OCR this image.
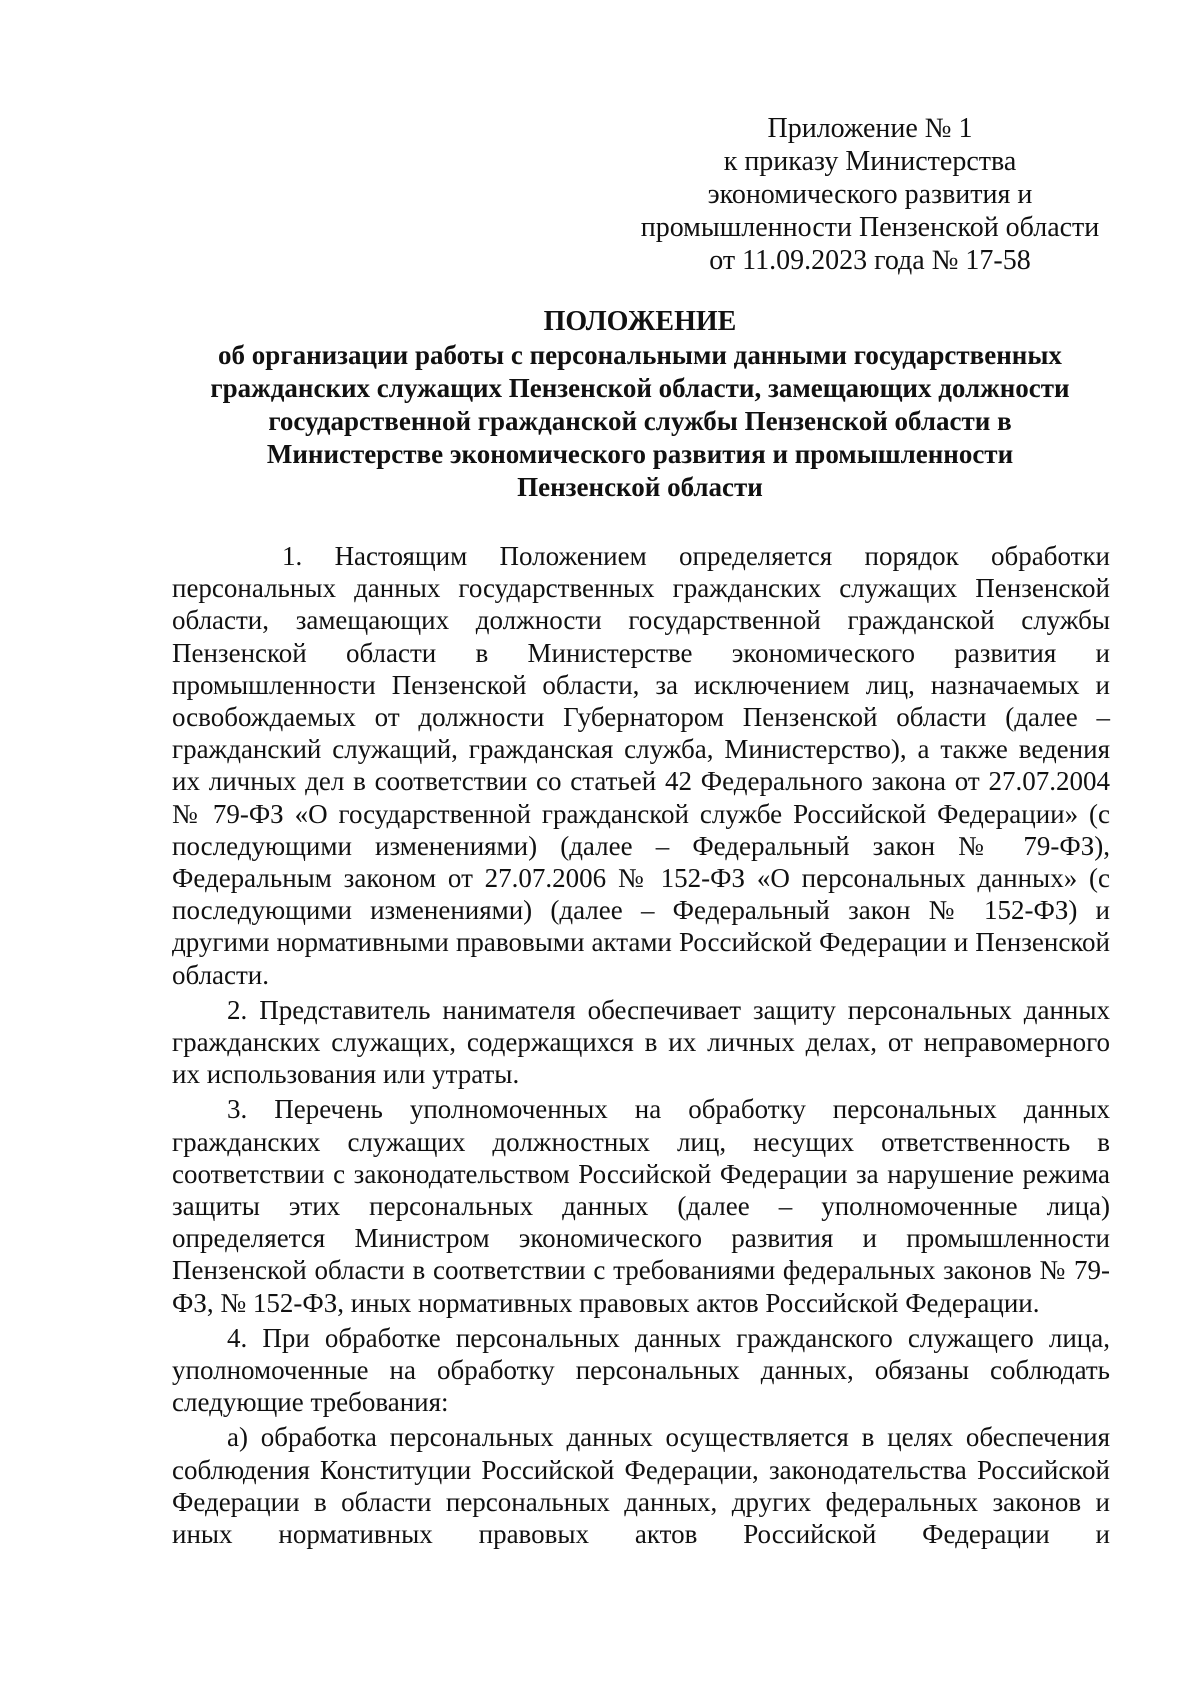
Приложение № 1
к приказу Министерства
экономического развития и
промышленности Пензенской области
от 11.09.2023 года № 17-58
ПОЛОЖЕНИЕ
об организации работы с персональными данными государственных
гражданских служащих Пензенской области, замещающих должности
государственной гражданской службы Пензенской области в
Министерстве экономического развития и промышленности
Пензенской области

1. Настоящим Положением определяется порядок обработки персональных данных государственных гражданских служащих Пензенской области, замещающих должности государственной гражданской службы Пензенской области в Министерстве экономического развития и промышленности Пензенской области, за исключением лиц, назначаемых и освобождаемых от должности Губернатором Пензенской области (далее – гражданский служащий, гражданская служба, Министерство), а также ведения их личных дел в соответствии со статьей 42 Федерального закона от 27.07.2004 № 79-ФЗ «О государственной гражданской службе Российской Федерации» (с последующими изменениями) (далее – Федеральный закон № 79-ФЗ), Федеральным законом от 27.07.2006 № 152-ФЗ «О персональных данных» (с последующими изменениями) (далее – Федеральный закон № 152-ФЗ) и другими нормативными правовыми актами Российской Федерации и Пензенской области.

2. Представитель нанимателя обеспечивает защиту персональных данных гражданских служащих, содержащихся в их личных делах, от неправомерного их использования или утраты.

3. Перечень уполномоченных на обработку персональных данных гражданских служащих должностных лиц, несущих ответственность в соответствии с законодательством Российской Федерации за нарушение режима защиты этих персональных данных (далее – уполномоченные лица) определяется Министром экономического развития и промышленности Пензенской области в соответствии с требованиями федеральных законов № 79-ФЗ, № 152-ФЗ, иных нормативных правовых актов Российской Федерации.

4. При обработке персональных данных гражданского служащего лица, уполномоченные на обработку персональных данных, обязаны соблюдать следующие требования:

а) обработка персональных данных осуществляется в целях обеспечения соблюдения Конституции Российской Федерации, законодательства Российской Федерации в области персональных данных, других федеральных законов и иных нормативных правовых актов Российской Федерации и
